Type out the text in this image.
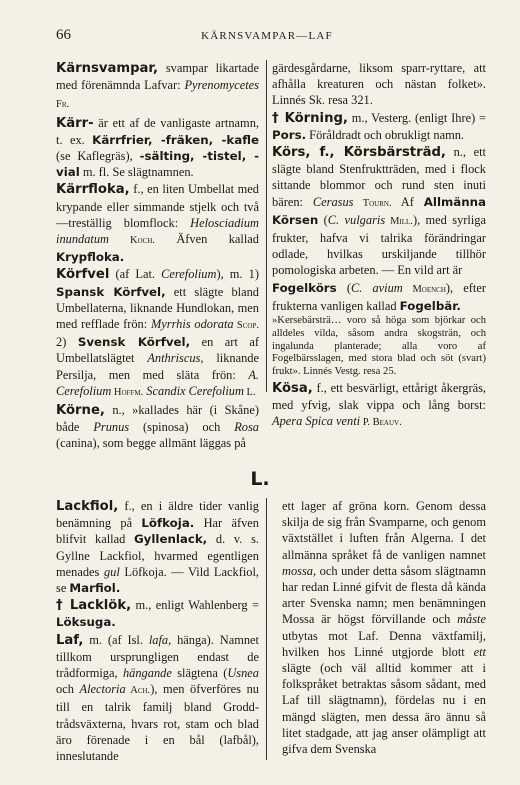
66	KÄRNSVAMPAR—LAF

Kärnsvampar, svampar likartade med förenämnda Lafvar: Pyrenomycetes Fr.

Kärr- är ett af de vanligaste artnamn, t. ex. Kärrfrier, -fräken, -kafle (se Kaflegräs), -sälting, -tistel, -vial m. fl. Se slägtnamnen.

Kärrfloka, f., en liten Umbellat med krypande eller simmande stjelk och två—treställig blomflock: Helosciadium inundatum Koch. Äfven kallad Krypfloka.

Körfvel (af Lat. Cerefolium), m. 1) Spansk Körfvel, ett slägte bland Umbellaterna, liknande Hundlokan, men med refflade frön: Myrrhis odorata Scop. 2) Svensk Körfvel, en art af Umbellatslägtet Anthriscus, liknande Persilja, men med släta frön: A. Cerefolium Hoffm. Scandix Cerefolium L.

Körne, n., »kallades här (i Skåne) både Prunus (spinosa) och Rosa (canina), som begge allmänt läggas på

gärdesgårdarne, liksom sparr-ryttare, att afhålla kreaturen och nästan folket». Linnés Sk. resa 321.

† Körning, m., Vesterg. (enligt Ihre) = Pors. Föråldradt och obrukligt namn.

Körs, f., Körsbärsträd, n., ett slägte bland Stenfruktträden, med i flock sittande blommor och rund sten inuti bären: Cerasus Tourn. Af Allmänna Körsen (C. vulgaris Mill.), med syrliga frukter, hafva vi talrika förändringar odlade, hvilkas urskiljande tillhör pomologiska arbeten. — En vild art är

Fogelkörs (C. avium Moench), efter frukterna vanligen kallad Fogelbär.

»Kersebärsträ… voro så höga som björkar och alldeles vilda, såsom andra skogsträn, och ingalunda planterade; alla voro af Fogelbärsslagen, med stora blad och söt (svart) frukt». Linnés Vestg. resa 25.

Kösa, f., ett besvärligt, ettårigt åkergräs, med yfvig, slak vippa och lång borst: Apera Spica venti P. Beauv.

L.

Lackfiol, f., en i äldre tider vanlig benämning på Löfkoja. Har äfven blifvit kallad Gyllenlack, d. v. s. Gyllne Lackfiol, hvarmed egentligen menades gul Löfkoja. — Vild Lackfiol, se Marfiol.

† Lacklök, m., enligt Wahlenberg = Löksuga.

Laf, m. (af Isl. lafa, hänga). Namnet tillkom ursprungligen endast de trådformiga, hängande slägtena (Usnea och Alectoria Ach.), men öfverföres nu till en talrik familj bland Groddtrådsväxterna, hvars rot, stam och blad äro förenade i en bål (lafbål), inneslutande

ett lager af gröna korn. Genom dessa skilja de sig från Svamparne, och genom växtstället i luften från Algerna. I det allmänna språket få de vanligen namnet mossa, och under detta såsom slägtnamn har redan Linné gifvit de flesta då kända arter Svenska namn; men benämningen Mossa är högst förvillande och måste utbytas mot Laf. Denna växtfamilj, hvilken hos Linné utgjorde blott ett slägte (och väl alltid kommer att i folkspråket betraktas såsom sådant, med Laf till slägtnamn), fördelas nu i en mängd slägten, men dessa äro ännu så litet stadgade, att jag anser olämpligt att gifva dem Svenska
